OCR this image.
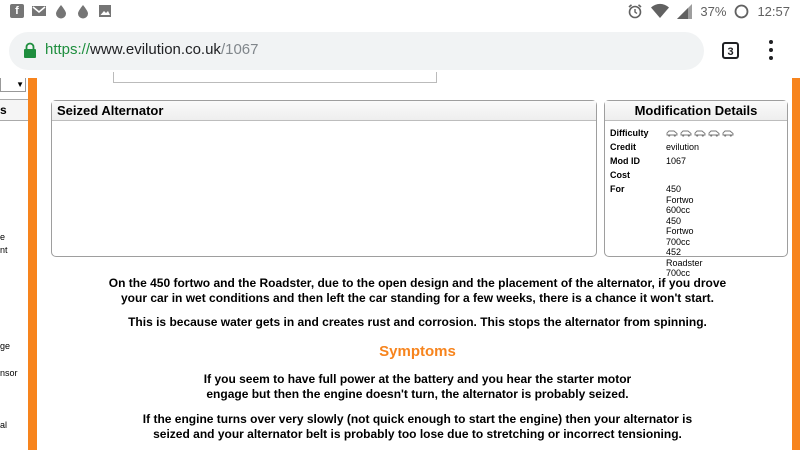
f	37% 12:57
https://www.evilution.co.uk/1067	3
▼
s
e
nt
ge
nsor
al
Seized Alternator	Modification Details
Difficulty
Credit	evilution
Mod ID	1067
Cost
For	450 Fortwo 600cc
450 Fortwo 700cc
452 Roadster 700cc

On the 450 fortwo and the Roadster, due to the open design and the placement of the alternator, if you drove

your car in wet conditions and then left the car standing for a few weeks, there is a chance it won't start.

This is because water gets in and creates rust and corrosion. This stops the alternator from spinning.

Symptoms

If you seem to have full power at the battery and you hear the starter motor

engage but then the engine doesn't turn, the alternator is probably seized.

If the engine turns over very slowly (not quick enough to start the engine) then your alternator is

seized and your alternator belt is probably too lose due to stretching or incorrect tensioning.
